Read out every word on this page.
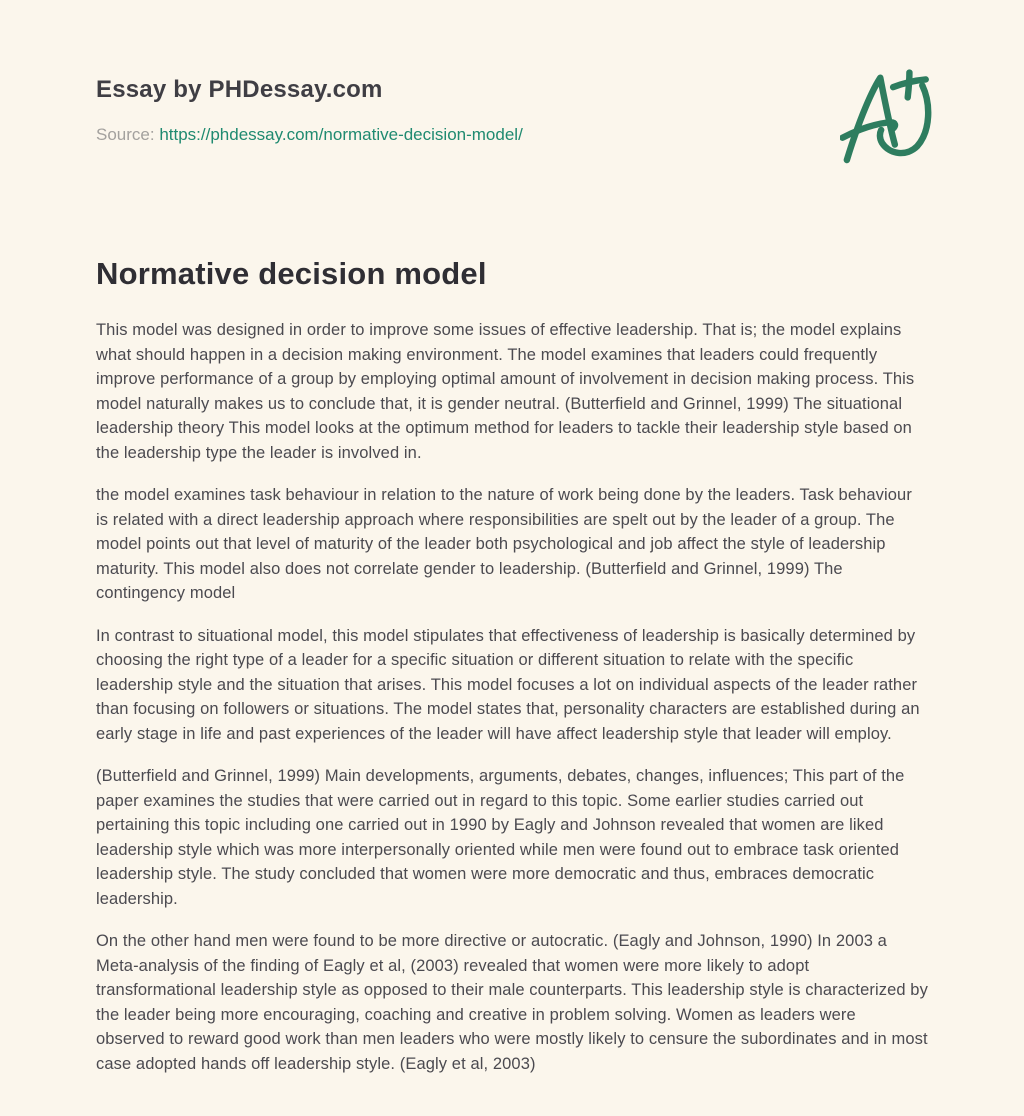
Essay by PHDessay.com
Source: https://phdessay.com/normative-decision-model/
Normative decision model

This model was designed in order to improve some issues of effective leadership. That is; the model explains what should happen in a decision making environment. The model examines that leaders could frequently improve performance of a group by employing optimal amount of involvement in decision making process. This model naturally makes us to conclude that, it is gender neutral. (Butterfield and Grinnel, 1999) The situational leadership theory This model looks at the optimum method for leaders to tackle their leadership style based on the leadership type the leader is involved in.

the model examines task behaviour in relation to the nature of work being done by the leaders. Task behaviour is related with a direct leadership approach where responsibilities are spelt out by the leader of a group. The model points out that level of maturity of the leader both psychological and job affect the style of leadership maturity. This model also does not correlate gender to leadership. (Butterfield and Grinnel, 1999) The contingency model

In contrast to situational model, this model stipulates that effectiveness of leadership is basically determined by choosing the right type of a leader for a specific situation or different situation to relate with the specific leadership style and the situation that arises. This model focuses a lot on individual aspects of the leader rather than focusing on followers or situations. The model states that, personality characters are established during an early stage in life and past experiences of the leader will have affect leadership style that leader will employ.

(Butterfield and Grinnel, 1999) Main developments, arguments, debates, changes, influences; This part of the paper examines the studies that were carried out in regard to this topic. Some earlier studies carried out pertaining this topic including one carried out in 1990 by Eagly and Johnson revealed that women are liked leadership style which was more interpersonally oriented while men were found out to embrace task oriented leadership style. The study concluded that women were more democratic and thus, embraces democratic leadership.

On the other hand men were found to be more directive or autocratic. (Eagly and Johnson, 1990) In 2003 a Meta-analysis of the finding of Eagly et al, (2003) revealed that women were more likely to adopt transformational leadership style as opposed to their male counterparts. This leadership style is characterized by the leader being more encouraging, coaching and creative in problem solving. Women as leaders were observed to reward good work than men leaders who were mostly likely to censure the subordinates and in most case adopted hands off leadership style. (Eagly et al, 2003)
